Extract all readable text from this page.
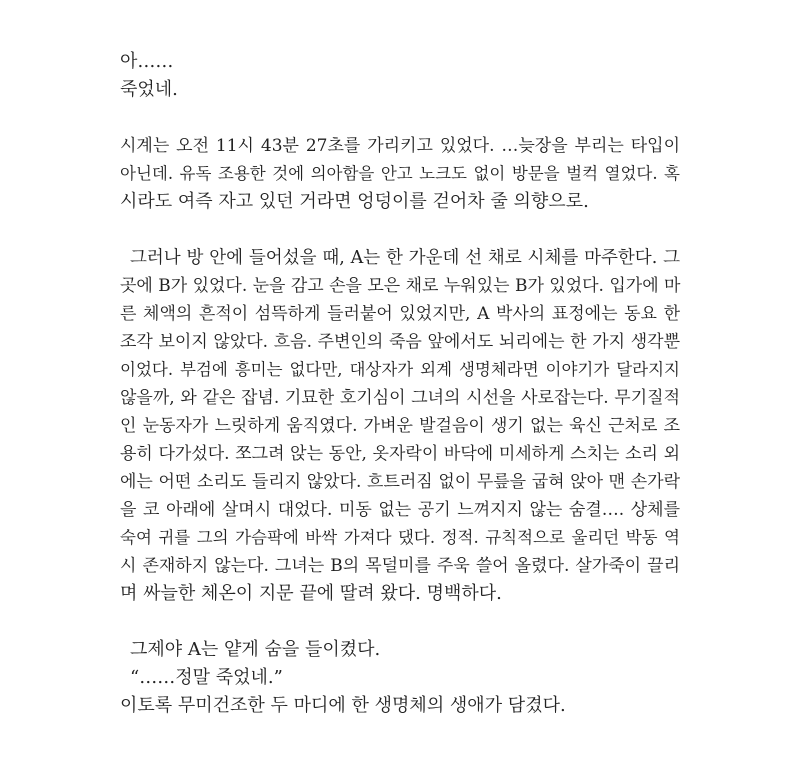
아……
죽었네.
시계는 오전 11시 43분 27초를 가리키고 있었다. …늦장을 부리는 타입이
아닌데. 유독 조용한 것에 의아함을 안고 노크도 없이 방문을 벌컥 열었다. 혹
시라도 여즉 자고 있던 거라면 엉덩이를 걷어차 줄 의향으로.
그러나 방 안에 들어섰을 때, A는 한 가운데 선 채로 시체를 마주한다. 그
곳에 B가 있었다. 눈을 감고 손을 모은 채로 누워있는 B가 있었다. 입가에 마
른 체액의 흔적이 섬뜩하게 들러붙어 있었지만, A 박사의 표정에는 동요 한
조각 보이지 않았다. 흐음. 주변인의 죽음 앞에서도 뇌리에는 한 가지 생각뿐
이었다. 부검에 흥미는 없다만, 대상자가 외계 생명체라면 이야기가 달라지지
않을까, 와 같은 잡념. 기묘한 호기심이 그녀의 시선을 사로잡는다. 무기질적
인 눈동자가 느릿하게 움직였다. 가벼운 발걸음이 생기 없는 육신 근처로 조
용히 다가섰다. 쪼그려 앉는 동안, 옷자락이 바닥에 미세하게 스치는 소리 외
에는 어떤 소리도 들리지 않았다. 흐트러짐 없이 무릎을 굽혀 앉아 맨 손가락
을 코 아래에 살며시 대었다. 미동 없는 공기 느껴지지 않는 숨결…. 상체를
숙여 귀를 그의 가슴팍에 바싹 가져다 댔다. 정적. 규칙적으로 울리던 박동 역
시 존재하지 않는다. 그녀는 B의 목덜미를 주욱 쓸어 올렸다. 살가죽이 끌리
며 싸늘한 체온이 지문 끝에 딸려 왔다. 명백하다.
그제야 A는 얕게 숨을 들이켰다.
“……정말 죽었네.”
이토록 무미건조한 두 마디에 한 생명체의 생애가 담겼다.
